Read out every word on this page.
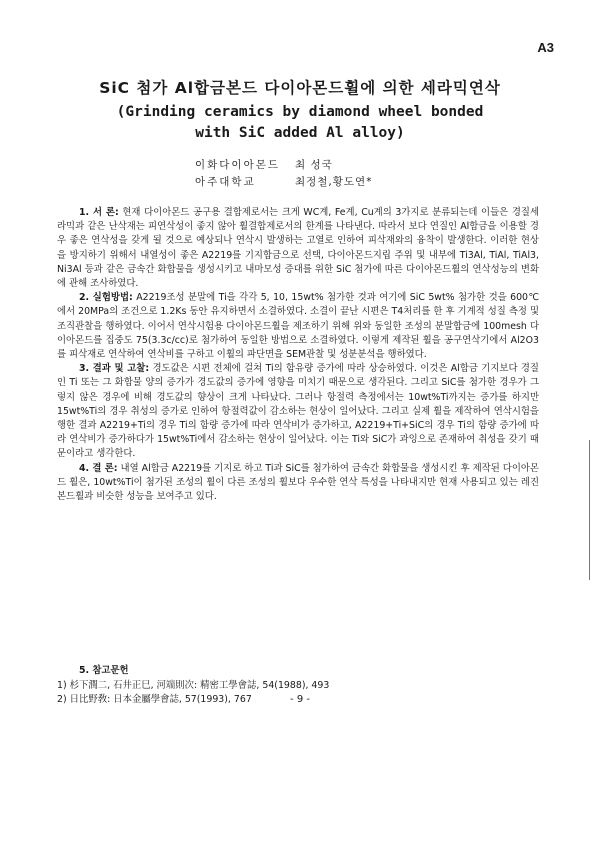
A3

SiC 첨가 Al합금본드 다이아몬드휠에 의한 세라믹연삭

(Grinding ceramics by diamond wheel bonded

with SiC added Al alloy)

이화다이아몬드	최 성국
아주대학교	최정철,황도연*

1. 서 론: 현재 다이아몬드 공구용 결합제로서는 크게 WC계, Fe계, Cu계의 3가지로 분류되는데 이들은 경질세라믹과 같은 난삭재는 피연삭성이 좋지 않아 휠결합제로서의 한계를 나타낸다. 따라서 보다 연질인 Al합금을 이용할 경우 좋은 연삭성을 갖게 될 것으로 예상되나 연삭시 발생하는 고열로 인하여 피삭재와의 융착이 발생한다. 이러한 현상을 방지하기 위해서 내열성이 좋은 A2219를 기지합금으로 선택, 다이아몬드지립 주위 및 내부에 Ti3Al, TiAl, TiAl3, Ni3Al 등과 같은 금속간 화합물을 생성시키고 내마모성 증대를 위한 SiC 첨가에 따른 다이아몬드휠의 연삭성능의 변화에 관해 조사하였다.

2. 실험방법: A2219조성 분말에 Ti을 각각 5, 10, 15wt% 첨가한 것과 여기에 SiC 5wt% 첨가한 것을 600℃에서 20MPa의 조건으로 1.2Ks 동안 유지하면서 소결하였다. 소결이 끝난 시편은 T4처리를 한 후 기계적 성질 측정 및 조직관찰을 행하였다. 이어서 연삭시험용 다이아몬드휠을 제조하기 위해 위와 동일한 조성의 분말합금에 100mesh 다이아몬드를 집중도 75(3.3c/cc)로 첨가하여 동일한 방법으로 소결하였다. 이렇게 제작된 휠을 공구연삭기에서 Al2O3를 피삭재로 연삭하여 연삭비를 구하고 이휠의 파단면을 SEM관찰 및 성분분석을 행하였다.

3. 결과 및 고찰: 경도값은 시편 전체에 걸쳐 Ti의 함유량 증가에 따라 상승하였다. 이것은 Al합금 기지보다 경질인 Ti 또는 그 화합물 양의 증가가 경도값의 증가에 영향을 미치기 때문으로 생각된다. 그리고 SiC를 첨가한 경우가 그렇지 않은 경우에 비해 경도값의 향상이 크게 나타났다. 그러나 항절력 측정에서는 10wt%Ti까지는 증가를 하지만 15wt%Ti의 경우 취성의 증가로 인하여 항절력값이 감소하는 현상이 일어났다. 그리고 실제 휠을 제작하여 연삭시험을 행한 결과 A2219+Ti의 경우 Ti의 함량 증가에 따라 연삭비가 증가하고, A2219+Ti+SiC의 경우 Ti의 함량 증가에 따라 연삭비가 증가하다가 15wt%Ti에서 감소하는 현상이 일어났다. 이는 Ti와 SiC가 과잉으로 존재하여 취성을 갖기 때문이라고 생각한다.

4. 결 론: 내열 Al합금 A2219를 기지로 하고 Ti과 SiC를 첨가하여 금속간 화합물을 생성시킨 후 제작된 다이아몬드 휠은, 10wt%Ti이 첨가된 조성의 휠이 다른 조성의 휠보다 우수한 연삭 특성을 나타내지만 현재 사용되고 있는 레진본드휠과 비슷한 성능을 보여주고 있다.

5. 참고문헌
1) 杉下潤二, 石井正巳, 河端則次: 精密工學會誌, 54(1988), 493
2) 日比野敎: 日本金屬學會誌, 57(1993), 767	- 9 -
